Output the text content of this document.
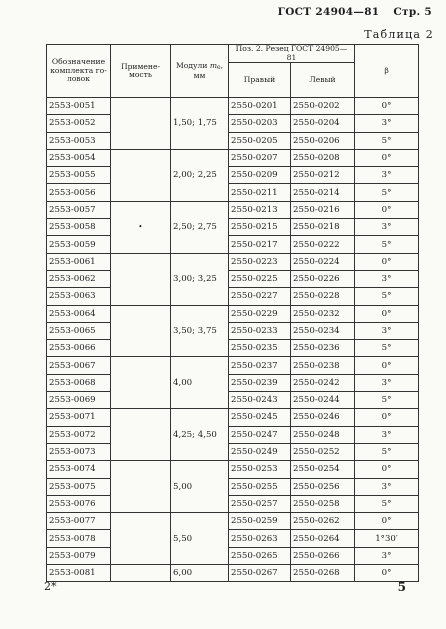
ГОСТ 24904—81 Стр. 5
Таблица 2
Обозначение комплекта го-ловок	Примене-мость	Модули me,
мм	Поз. 2. Резец ГОСТ 24905—81		β
			Правый	Левый	
2553-0051		1,50; 1,75	2550-0201	2550-0202	0°
2553-0052			2550-0203	2550-0204	3°
2553-0053			2550-0205	2550-0206	5°
2553-0054		2,00; 2,25	2550-0207	2550-0208	0°
2553-0055			2550-0209	2550-0212	3°
2553-0056			2550-0211	2550-0214	5°
2553-0057	•	2,50; 2,75	2550-0213	2550-0216	0°
2553-0058			2550-0215	2550-0218	3°
2553-0059			2550-0217	2550-0222	5°
2553-0061		3,00; 3,25	2550-0223	2550-0224	0°
2553-0062			2550-0225	2550-0226	3°
2553-0063			2550-0227	2550-0228	5°
2553-0064		3,50; 3,75	2550-0229	2550-0232	0°
2553-0065			2550-0233	2550-0234	3°
2553-0066			2550-0235	2550-0236	5°
2553-0067		4,00	2550-0237	2550-0238	0°
2553-0068			2550-0239	2550-0242	3°
2553-0069			2550-0243	2550-0244	5°
2553-0071		4,25; 4,50	2550-0245	2550-0246	0°
2553-0072			2550-0247	2550-0248	3°
2553-0073			2550-0249	2550-0252	5°
2553-0074		5,00	2550-0253	2550-0254	0°
2553-0075			2550-0255	2550-0256	3°
2553-0076			2550-0257	2550-0258	5°
2553-0077		5,50	2550-0259	2550-0262	0°
2553-0078			2550-0263	2550-0264	1°30′
2553-0079			2550-0265	2550-0266	3°
2553-0081		6,00	2550-0267	2550-0268	0°
2*	5
